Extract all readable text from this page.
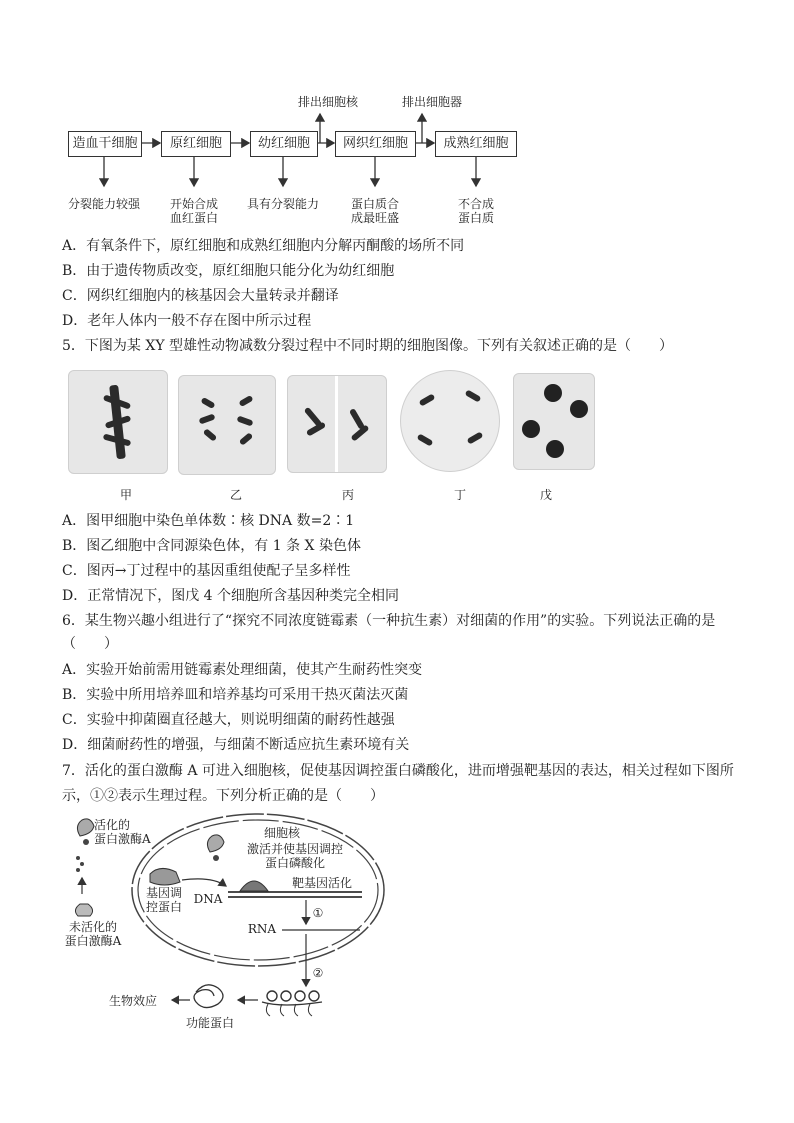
造血干细胞	原红细胞	幼红细胞	网织红细胞	成熟红细胞
排出细胞核	排出细胞器
分裂能力较强	开始合成
血红蛋白
具有分裂能力	蛋白质合
成最旺盛
不合成
蛋白质
A．有氧条件下，原红细胞和成熟红细胞内分解丙酮酸的场所不同
B．由于遗传物质改变，原红细胞只能分化为幼红细胞
C．网织红细胞内的核基因会大量转录并翻译
D．老年人体内一般不存在图中所示过程
5．下图为某 XY 型雄性动物减数分裂过程中不同时期的细胞图像。下列有关叙述正确的是（　　）
甲	乙	丙	丁	戊
A．图甲细胞中染色单体数∶核 DNA 数=2∶1
B．图乙细胞中含同源染色体，有 1 条 X 染色体
C．图丙→丁过程中的基因重组使配子呈多样性
D．正常情况下，图戊 4 个细胞所含基因种类完全相同
6．某生物兴趣小组进行了“探究不同浓度链霉素（一种抗生素）对细菌的作用”的实验。下列说法正确的是
（　　）
A．实验开始前需用链霉素处理细菌，使其产生耐药性突变
B．实验中所用培养皿和培养基均可采用干热灭菌法灭菌
C．实验中抑菌圈直径越大，则说明细菌的耐药性越强
D．细菌耐药性的增强，与细菌不断适应抗生素环境有关
7．活化的蛋白激酶 A 可进入细胞核，促使基因调控蛋白磷酸化，进而增强靶基因的表达，相关过程如下图所
示，①②表示生理过程。下列分析正确的是（　　）
活化的
蛋白激酶A
未活化的
蛋白激酶A
细胞核
激活并使基因调控
蛋白磷酸化
基因调
控蛋白
DNA
靶基因活化
RNA
①
②
生物效应
功能蛋白
